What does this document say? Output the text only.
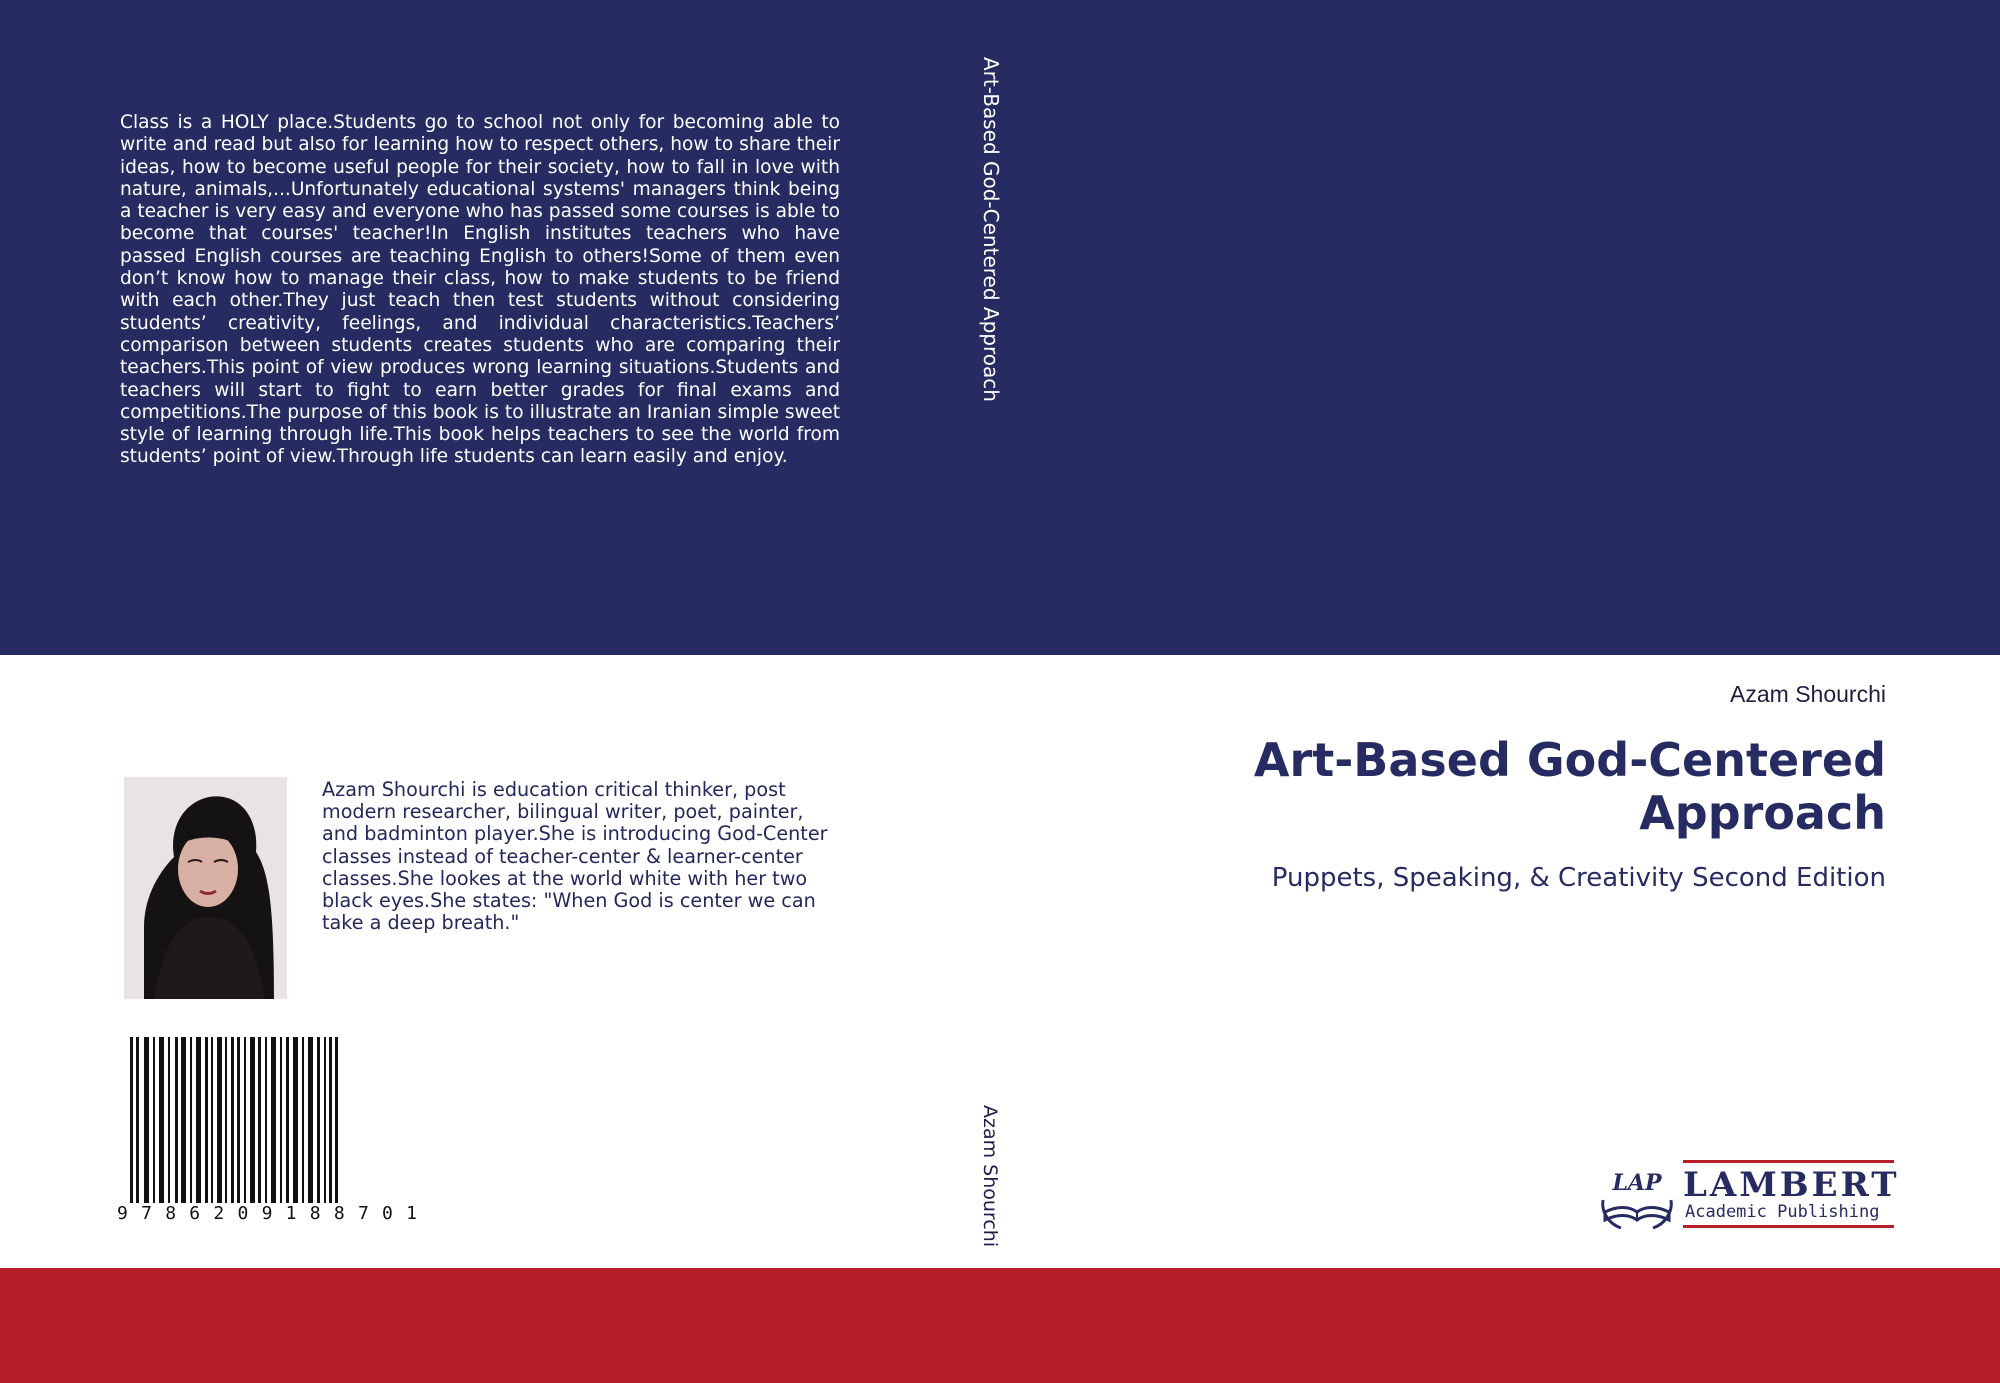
Class is a HOLY place.Students go to school not only for becoming able to write and read but also for learning how to respect others, how to share their ideas, how to become useful people for their society, how to fall in love with nature, animals,...Unfortunately educational systems' managers think being a teacher is very easy and everyone who has passed some courses is able to become that courses' teacher!In English institutes teachers who have passed English courses are teaching English to others!Some of them even don’t know how to manage their class, how to make students to be friend with each other.They just teach then test students without considering students’ creativity, feelings, and individual characteristics.Teachers’ comparison between students creates students who are comparing their teachers.This point of view produces wrong learning situations.Students and teachers will start to fight to earn better grades for final exams and competitions.The purpose of this book is to illustrate an Iranian simple sweet style of learning through life.This book helps teachers to see the world from students’ point of view.Through life students can learn easily and enjoy.

Art-Based God-Centered Approach
Azam Shourchi

Azam Shourchi is education critical thinker, post modern researcher, bilingual writer, poet, painter, and badminton player.She is introducing God-Center classes instead of teacher-center & learner-center classes.She lookes at the world white with her two black eyes.She states: "When God is center we can take a deep breath."

9 7 8 6 2 0 9 1 8 8 7 0 1
Azam Shourchi
Art-Based God-Centered Approach
Puppets, Speaking, & Creativity Second Edition
LAP LAMBERT
Academic Publishing
